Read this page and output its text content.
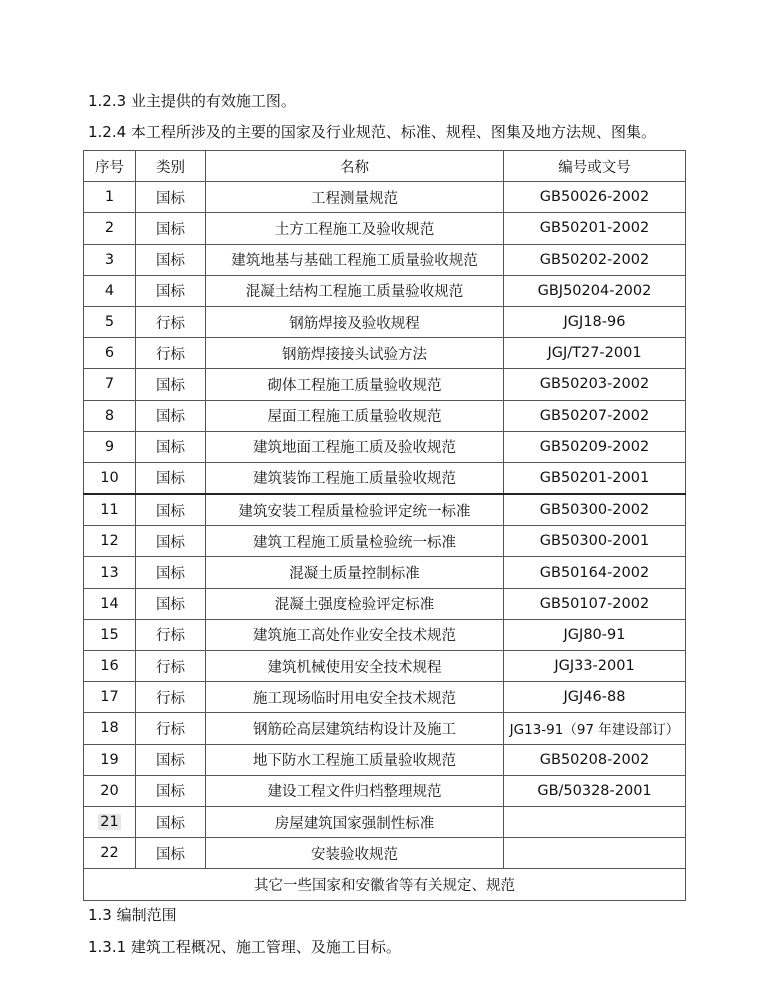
1.2.3 业主提供的有效施工图。
1.2.4 本工程所涉及的主要的国家及行业规范、标准、规程、图集及地方法规、图集。
序号	类别	名称	编号或文号
1	国标	工程测量规范	GB50026-2002
2	国标	土方工程施工及验收规范	GB50201-2002
3	国标	建筑地基与基础工程施工质量验收规范	GB50202-2002
4	国标	混凝土结构工程施工质量验收规范	GBJ50204-2002
5	行标	钢筋焊接及验收规程	JGJ18-96
6	行标	钢筋焊接接头试验方法	JGJ/T27-2001
7	国标	砌体工程施工质量验收规范	GB50203-2002
8	国标	屋面工程施工质量验收规范	GB50207-2002
9	国标	建筑地面工程施工质及验收规范	GB50209-2002
10	国标	建筑装饰工程施工质量验收规范	GB50201-2001
11	国标	建筑安装工程质量检验评定统一标准	GB50300-2002
12	国标	建筑工程施工质量检验统一标准	GB50300-2001
13	国标	混凝土质量控制标准	GB50164-2002
14	国标	混凝土强度检验评定标准	GB50107-2002
15	行标	建筑施工高处作业安全技术规范	JGJ80-91
16	行标	建筑机械使用安全技术规程	JGJ33-2001
17	行标	施工现场临时用电安全技术规范	JGJ46-88
18	行标	钢筋砼高层建筑结构设计及施工	JG13-91（97 年建设部订）
19	国标	地下防水工程施工质量验收规范	GB50208-2002
20	国标	建设工程文件归档整理规范	GB/50328-2001
21	国标	房屋建筑国家强制性标准	
22	国标	安装验收规范	
其它一些国家和安徽省等有关规定、规范			
1.3 编制范围
1.3.1 建筑工程概况、施工管理、及施工目标。
